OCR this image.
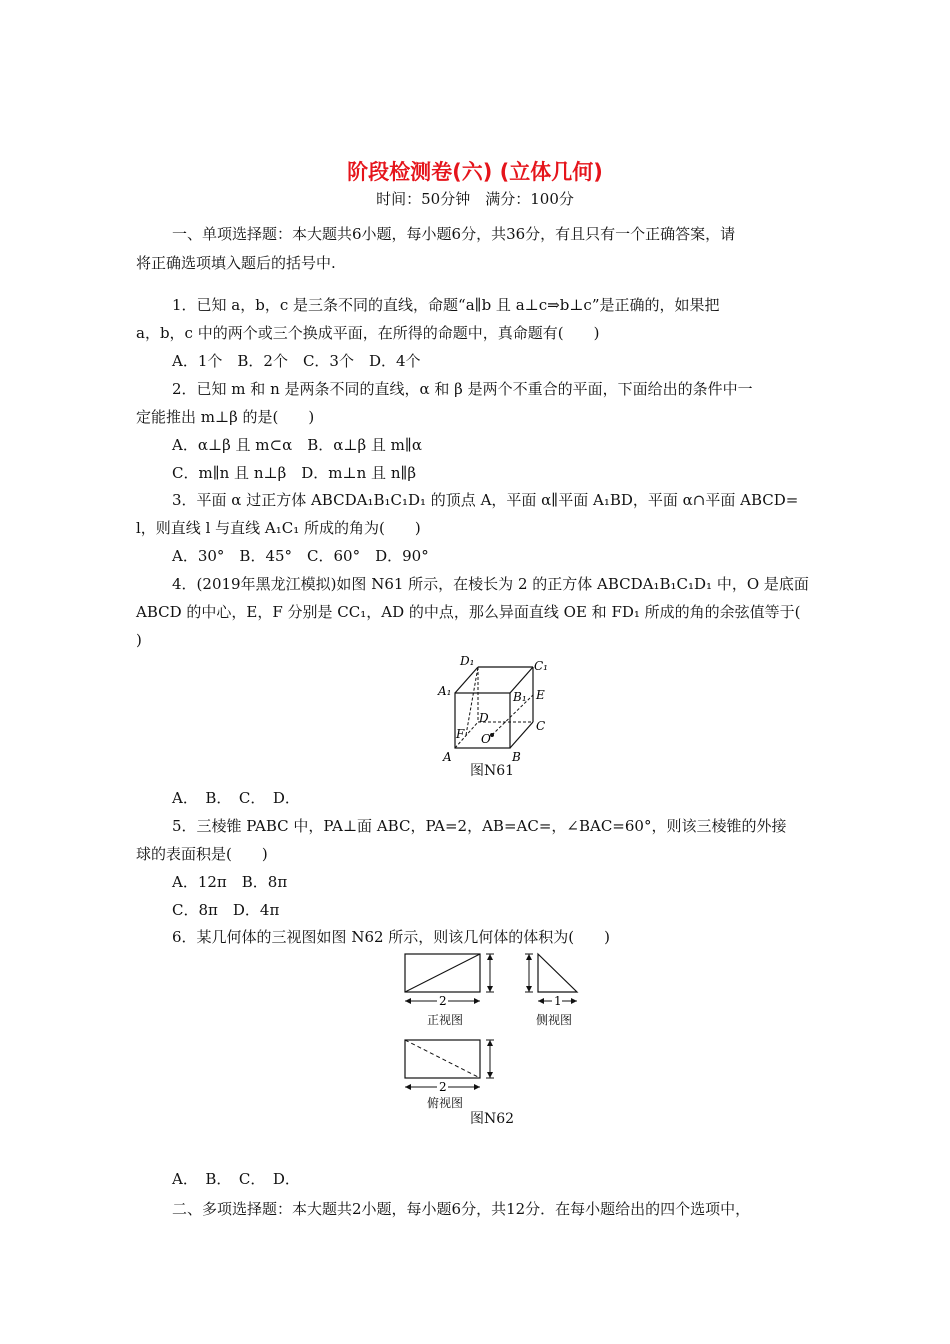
阶段检测卷(六) (立体几何)
时间：50分钟　满分：100分
一、单项选择题：本大题共6小题，每小题6分，共36分，有且只有一个正确答案，请
将正确选项填入题后的括号中.
1．已知 a，b，c 是三条不同的直线，命题“a∥b 且 a⊥c⇒b⊥c”是正确的，如果把
a，b，c 中的两个或三个换成平面，在所得的命题中，真命题有(　　)
A．1个　B．2个　C．3个　D．4个
2．已知 m 和 n 是两条不同的直线，α 和 β 是两个不重合的平面，下面给出的条件中一
定能推出 m⊥β 的是(　　)
A．α⊥β 且 m⊂α　B．α⊥β 且 m∥α
C．m∥n 且 n⊥β　D．m⊥n 且 n∥β
3．平面 α 过正方体 ABCDA₁B₁C₁D₁ 的顶点 A，平面 α∥平面 A₁BD，平面 α∩平面 ABCD=
l，则直线 l 与直线 A₁C₁ 所成的角为(　　)
A．30°　B．45°　C．60°　D．90°
4．(2019年黑龙江模拟)如图 N61 所示，在棱长为 2 的正方体 ABCDA₁B₁C₁D₁ 中，O 是底面
ABCD 的中心，E，F 分别是 CC₁，AD 的中点，那么异面直线 OE 和 FD₁ 所成的角的余弦值等于(
)
D₁	C₁
A₁	B₁ E
D
C
F O
A	B
图N61
A．　B．　C．　D．
5．三棱锥 PABC 中，PA⊥面 ABC，PA=2，AB=AC=，∠BAC=60°，则该三棱锥的外接
球的表面积是(　　)
A．12π　B．8π
C．8π　D．4π
6．某几何体的三视图如图 N62 所示，则该几何体的体积为(　　)
2
正视图
1
侧视图
2
俯视图
图N62
A．　B．　C．　D．
二、多项选择题：本大题共2小题，每小题6分，共12分．在每小题给出的四个选项中，
